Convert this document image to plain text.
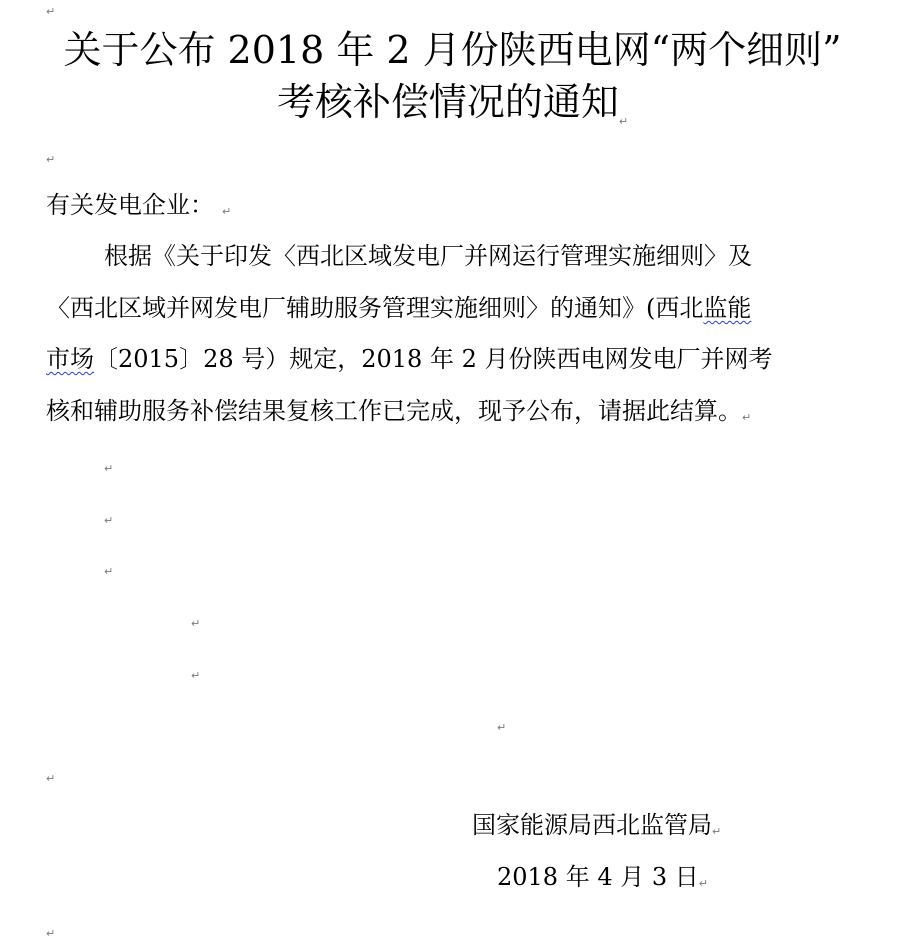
↵
关于公布 2018 年 2 月份陕西电网“两个细则”
考核补偿情况的通知$_↵$
↵
有关发电企业： ↵
根据《关于印发〈西北区域发电厂并网运行管理实施细则〉及
〈西北区域并网发电厂辅助服务管理实施细则〉的通知》(西北监能
市场〔2015〕28 号）规定，2018 年 2 月份陕西电网发电厂并网考
核和辅助服务补偿结果复核工作已完成，现予公布，请据此结算。↵
↵
↵
↵
↵
↵
↵
↵
国家能源局西北监管局↵
2018 年 4 月 3 日↵
↵
